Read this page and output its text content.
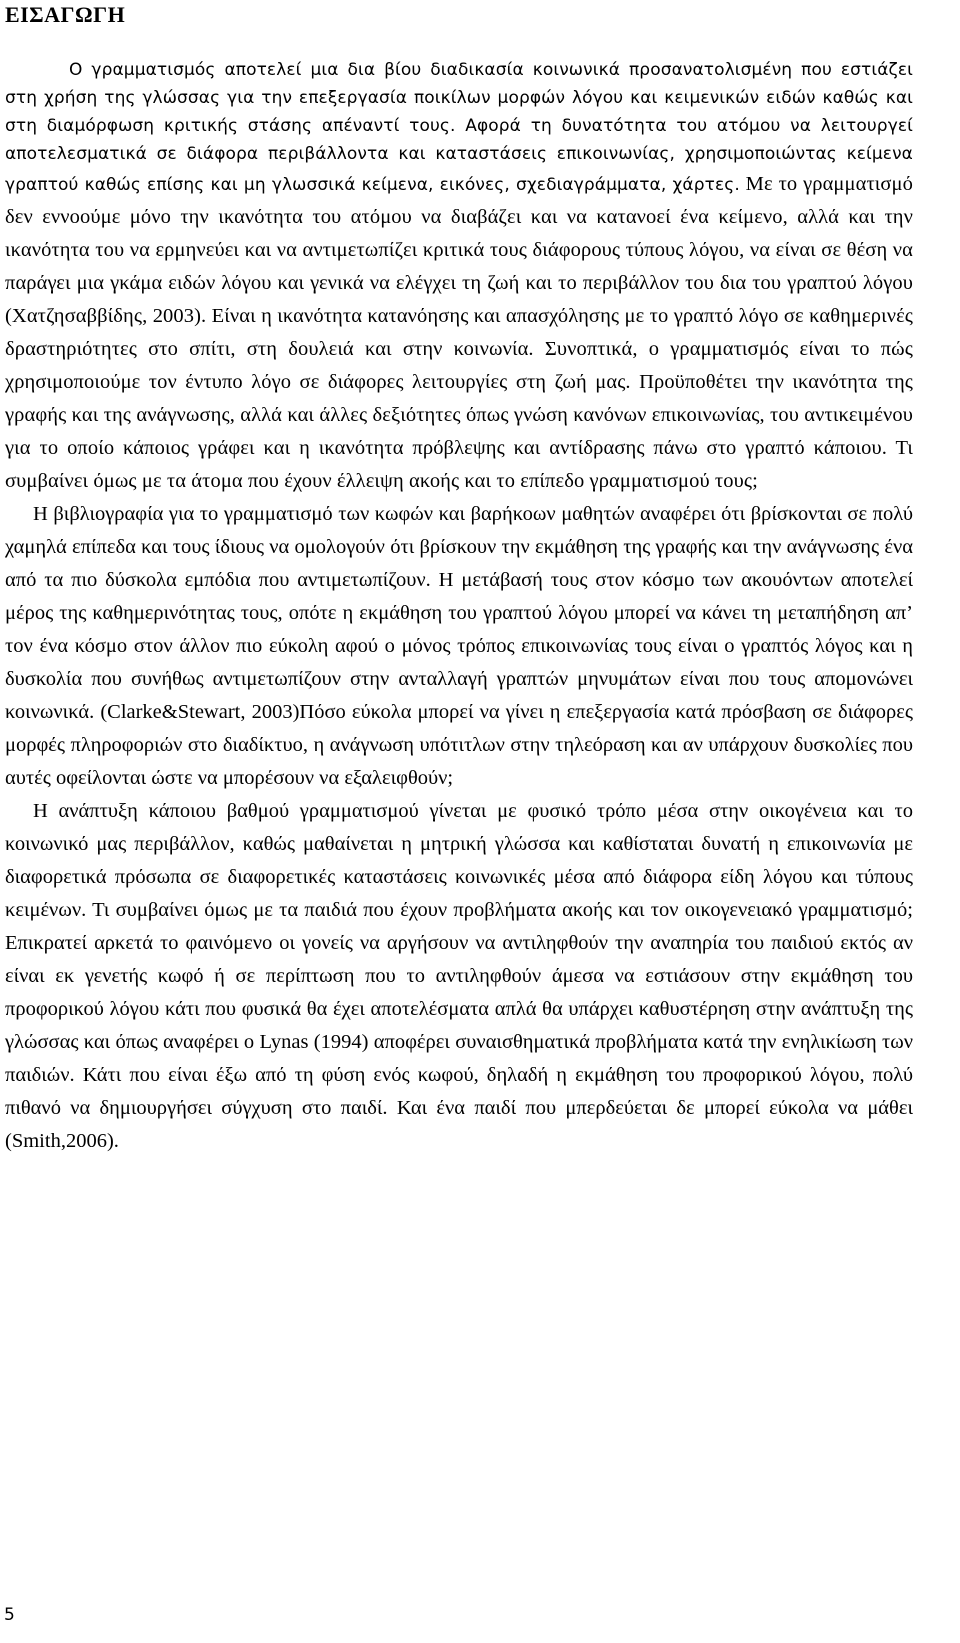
ΕΙΣΑΓΩΓΗ

Ο γραμματισμός αποτελεί μια δια βίου διαδικασία κοινωνικά προσανατολισμένη που εστιάζει στη χρήση της γλώσσας για την επεξεργασία ποικίλων μορφών λόγου και κειμενικών ειδών καθώς και στη διαμόρφωση κριτικής στάσης απέναντί τους. Αφορά τη δυνατότητα του ατόμου να λειτουργεί αποτελεσματικά σε διάφορα περιβάλλοντα και καταστάσεις επικοινωνίας, χρησιμοποιώντας κείμενα γραπτού καθώς επίσης και μη γλωσσικά κείμενα, εικόνες, σχεδιαγράμματα, χάρτες. Με το γραμματισμό δεν εννοούμε μόνο την ικανότητα του ατόμου να διαβάζει και να κατανοεί ένα κείμενο, αλλά και την ικανότητα του να ερμηνεύει και να αντιμετωπίζει κριτικά τους διάφορους τύπους λόγου, να είναι σε θέση να παράγει μια γκάμα ειδών λόγου και γενικά να ελέγχει τη ζωή και το περιβάλλον του δια του γραπτού λόγου (Χατζησαββίδης, 2003). Είναι η ικανότητα κατανόησης και απασχόλησης με το γραπτό λόγο σε καθημερινές δραστηριότητες στο σπίτι, στη δουλειά και στην κοινωνία. Συνοπτικά, ο γραμματισμός είναι το πώς χρησιμοποιούμε τον έντυπο λόγο σε διάφορες λειτουργίες στη ζωή μας. Προϋποθέτει την ικανότητα της γραφής και της ανάγνωσης, αλλά και άλλες δεξιότητες όπως γνώση κανόνων επικοινωνίας, του αντικειμένου για το οποίο κάποιος γράφει και η ικανότητα πρόβλεψης και αντίδρασης πάνω στο γραπτό κάποιου. Τι συμβαίνει όμως με τα άτομα που έχουν έλλειψη ακοής και το επίπεδο γραμματισμού τους;

Η βιβλιογραφία για το γραμματισμό των κωφών και βαρήκοων μαθητών αναφέρει ότι βρίσκονται σε πολύ χαμηλά επίπεδα και τους ίδιους να ομολογούν ότι βρίσκουν την εκμάθηση της γραφής και την ανάγνωσης ένα από τα πιο δύσκολα εμπόδια που αντιμετωπίζουν. Η μετάβασή τους στον κόσμο των ακουόντων αποτελεί μέρος της καθημερινότητας τους, οπότε η εκμάθηση του γραπτού λόγου μπορεί να κάνει τη μεταπήδηση απ’ τον ένα κόσμο στον άλλον πιο εύκολη αφού ο μόνος τρόπος επικοινωνίας τους είναι ο γραπτός λόγος και η δυσκολία που συνήθως αντιμετωπίζουν στην ανταλλαγή γραπτών μηνυμάτων είναι που τους απομονώνει κοινωνικά. (Clarke&Stewart, 2003)Πόσο εύκολα μπορεί να γίνει η επεξεργασία κατά πρόσβαση σε διάφορες μορφές πληροφοριών στο διαδίκτυο, η ανάγνωση υπότιτλων στην τηλεόραση και αν υπάρχουν δυσκολίες που αυτές οφείλονται ώστε να μπορέσουν να εξαλειφθούν;

Η ανάπτυξη κάποιου βαθμού γραμματισμού γίνεται με φυσικό τρόπο μέσα στην οικογένεια και το κοινωνικό μας περιβάλλον, καθώς μαθαίνεται η μητρική γλώσσα και καθίσταται δυνατή η επικοινωνία με διαφορετικά πρόσωπα σε διαφορετικές καταστάσεις κοινωνικές μέσα από διάφορα είδη λόγου και τύπους κειμένων. Τι συμβαίνει όμως με τα παιδιά που έχουν προβλήματα ακοής και τον οικογενειακό γραμματισμό; Επικρατεί αρκετά το φαινόμενο οι γονείς να αργήσουν να αντιληφθούν την αναπηρία του παιδιού εκτός αν είναι εκ γενετής κωφό ή σε περίπτωση που το αντιληφθούν άμεσα να εστιάσουν στην εκμάθηση του προφορικού λόγου κάτι που φυσικά θα έχει αποτελέσματα απλά θα υπάρχει καθυστέρηση στην ανάπτυξη της γλώσσας και όπως αναφέρει ο Lynas (1994) αποφέρει συναισθηματικά προβλήματα κατά την ενηλικίωση των παιδιών. Κάτι που είναι έξω από τη φύση ενός κωφού, δηλαδή η εκμάθηση του προφορικού λόγου, πολύ πιθανό να δημιουργήσει σύγχυση στο παιδί. Και ένα παιδί που μπερδεύεται δε μπορεί εύκολα να μάθει (Smith,2006).

5
